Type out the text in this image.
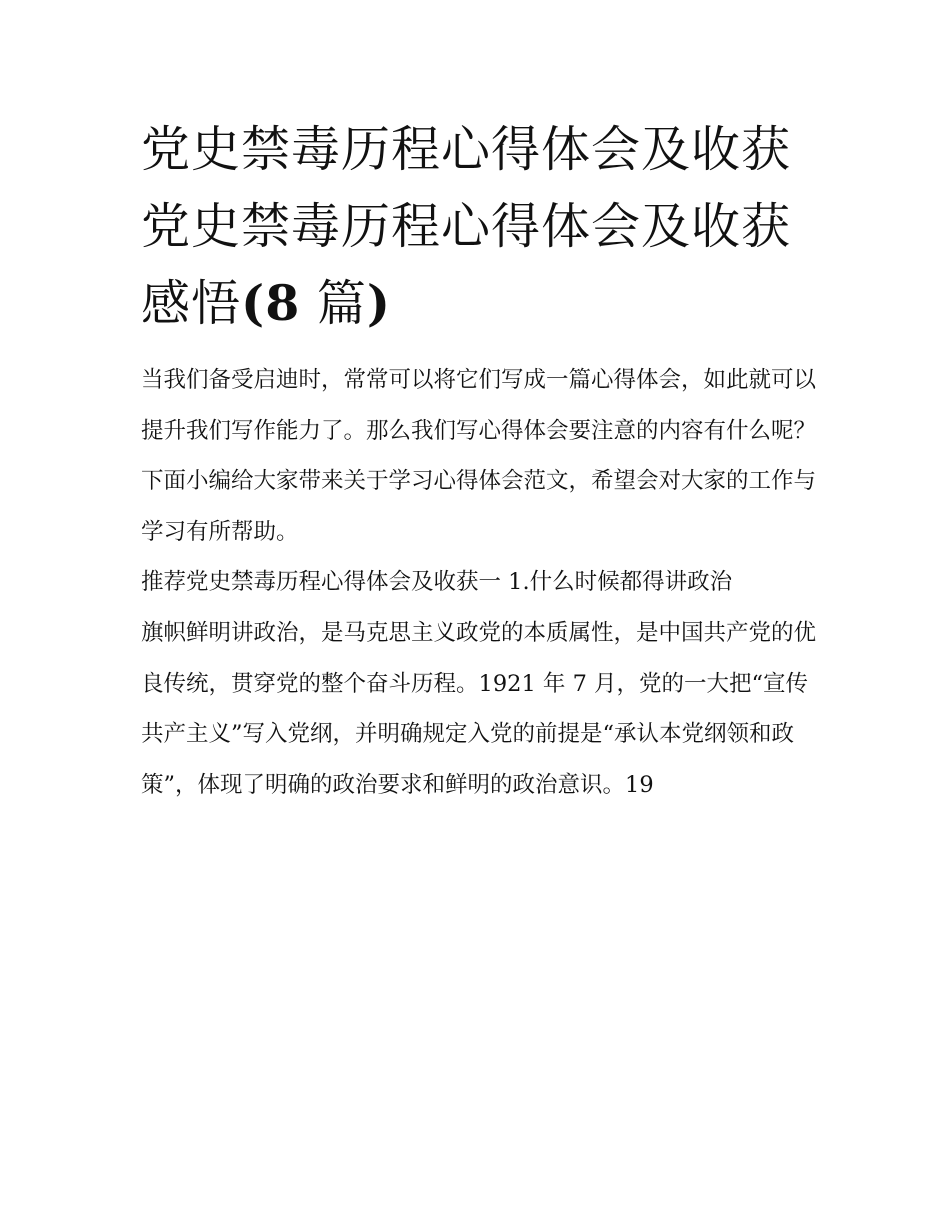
党史禁毒历程心得体会及收获
党史禁毒历程心得体会及收获
感悟(8 篇)

当我们备受启迪时，常常可以将它们写成一篇心得体会，如此就可以提升我们写作能力了。那么我们写心得体会要注意的内容有什么呢？下面小编给大家带来关于学习心得体会范文，希望会对大家的工作与学习有所帮助。

推荐党史禁毒历程心得体会及收获一 1.什么时候都得讲政治

旗帜鲜明讲政治，是马克思主义政党的本质属性，是中国共产党的优良传统，贯穿党的整个奋斗历程。1921 年 7 月，党的一大把“宣传共产主义”写入党纲，并明确规定入党的前提是“承认本党纲领和政策”，体现了明确的政治要求和鲜明的政治意识。19
